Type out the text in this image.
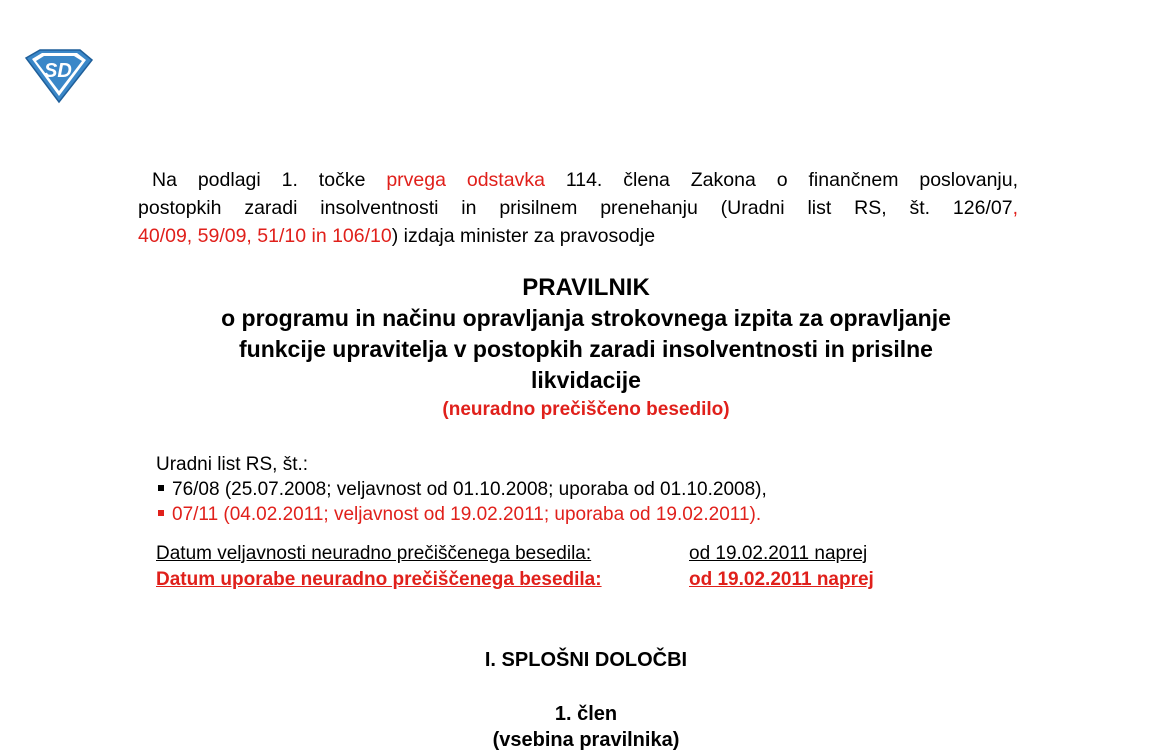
SD
Na podlagi 1. točke prvega odstavka 114. člena Zakona o finančnem poslovanju,
postopkih zaradi insolventnosti in prisilnem prenehanju (Uradni list RS, št. 126/07,
40/09, 59/09, 51/10 in 106/10) izdaja minister za pravosodje
PRAVILNIK
o programu in načinu opravljanja strokovnega izpita za opravljanje
funkcije upravitelja v postopkih zaradi insolventnosti in prisilne
likvidacije
(neuradno prečiščeno besedilo)
Uradni list RS, št.:
76/08 (25.07.2008; veljavnost od 01.10.2008; uporaba od 01.10.2008),
07/11 (04.02.2011; veljavnost od 19.02.2011; uporaba od 19.02.2011).
Datum veljavnosti neuradno prečiščenega besedila:	od 19.02.2011 naprej
Datum uporabe neuradno prečiščenega besedila:	od 19.02.2011 naprej
I. SPLOŠNI DOLOČBI
1. člen
(vsebina pravilnika)
